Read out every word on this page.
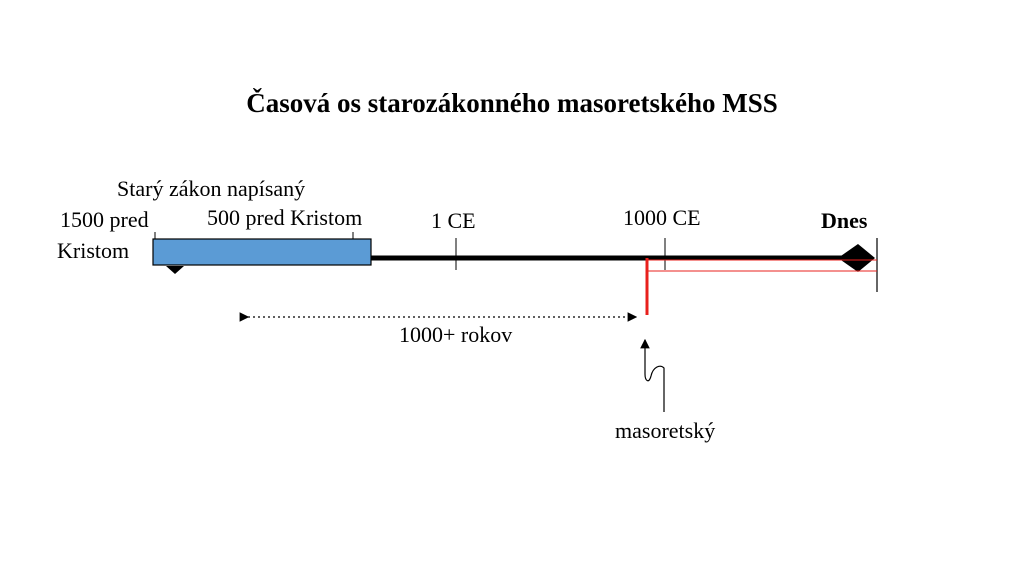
Časová os starozákonného masoretského MSS
Starý zákon napísaný
1500 pred
Kristom
500 pred Kristom	1 CE	1000 CE	Dnes
1000+ rokov
masoretský
